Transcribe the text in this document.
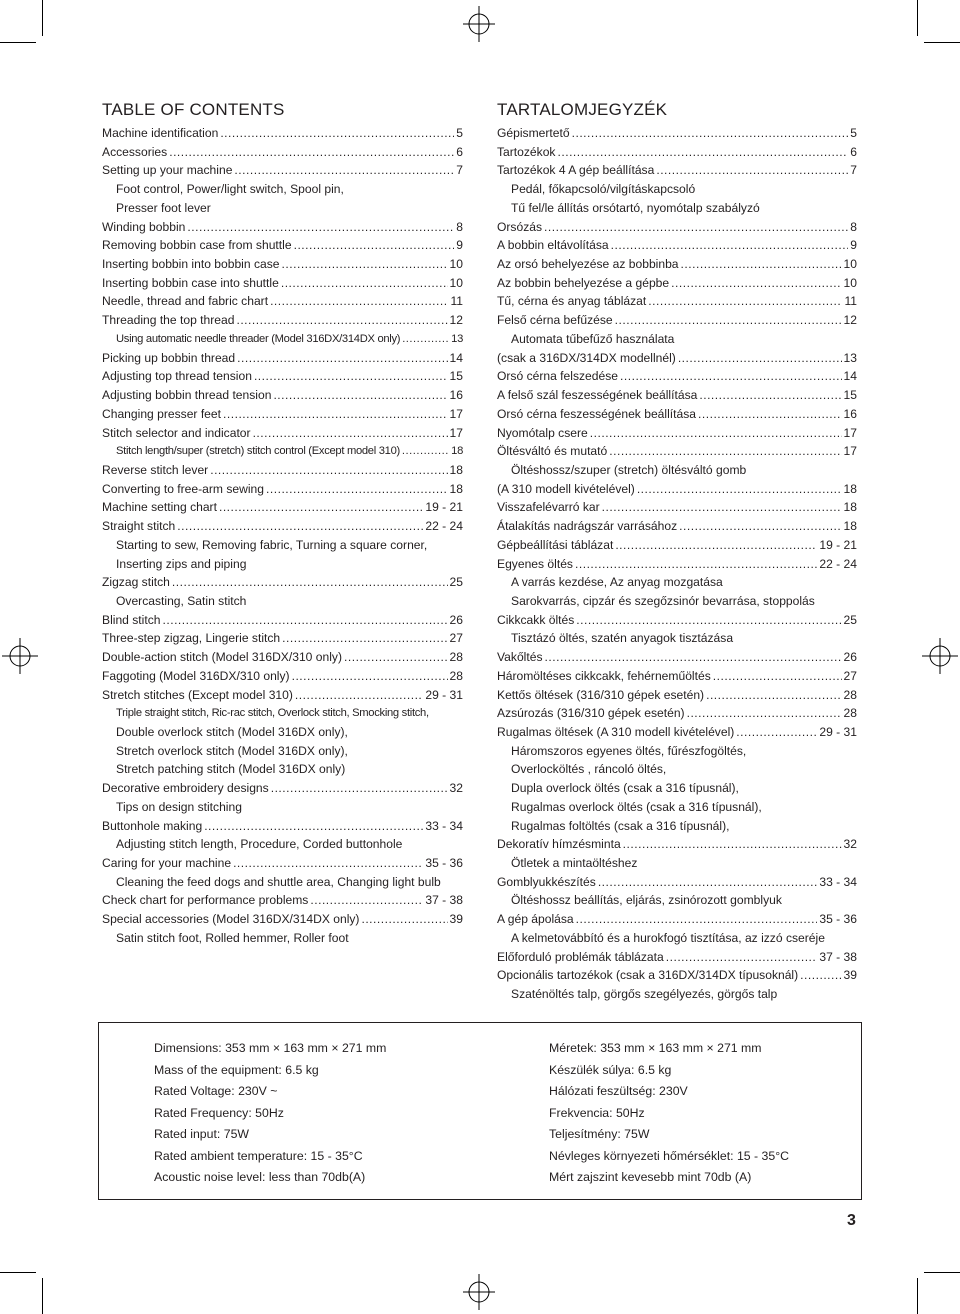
TABLE OF CONTENTS
Machine identification .....	5
Accessories .....	6
Setting up your machine .....	7
Foot control, Power/light switch, Spool pin,
Presser foot lever
Winding bobbin .....	8
Removing bobbin case from shuttle .....	9
Inserting bobbin into bobbin case .....	10
Inserting bobbin case into shuttle .....	10
Needle, thread and fabric chart .....	11
Threading the top thread .....	12
Using automatic needle threader (Model 316DX/314DX only) .....	13
Picking up bobbin thread .....	14
Adjusting top thread tension .....	15
Adjusting bobbin thread tension .....	16
Changing presser feet .....	17
Stitch selector and indicator .....	17
Stitch length/super (stretch) stitch control (Except model 310) .....	18
Reverse stitch lever .....	18
Converting to free-arm sewing .....	18
Machine setting chart .....	19 - 21
Straight stitch .....	22 - 24
Starting to sew, Removing fabric, Turning a square corner,
Inserting zips and piping
Zigzag stitch .....	25
Overcasting, Satin stitch
Blind stitch .....	26
Three-step zigzag, Lingerie stitch .....	27
Double-action stitch (Model 316DX/310 only) .....	28
Faggoting (Model 316DX/310 only) .....	28
Stretch stitches (Except model 310) .....	29 - 31
Triple straight stitch, Ric-rac stitch, Overlock stitch, Smocking stitch,
Double overlock stitch (Model 316DX only),
Stretch overlock stitch (Model 316DX only),
Stretch patching stitch (Model 316DX only)
Decorative embroidery designs .....	32
Tips on design stitching
Buttonhole making .....	33 - 34
Adjusting stitch length, Procedure, Corded buttonhole
Caring for your machine .....	35 - 36
Cleaning the feed dogs and shuttle area, Changing light bulb
Check chart for performance problems .....	37 - 38
Special accessories (Model 316DX/314DX only) .....	39
Satin stitch foot, Rolled hemmer, Roller foot
TARTALOMJEGYZÉK
Gépismertető .....	5
Tartozékok .....	6
Tartozékok 4 A gép beállítása .....	7
Pedál, főkapcsoló/vilgításkapcsoló
Tű fel/le állítás orsótartó, nyomótalp szabályzó
Orsózás .....	8
A bobbin eltávolítása .....	9
Az orsó behelyezése az bobbinba .....	10
Az bobbin behelyezése a gépbe .....	10
Tű, cérna és anyag táblázat .....	11
Felső cérna befűzése .....	12
Automata tűbefűző használata
(csak a 316DX/314DX modellnél) .....	13
Orsó cérna felszedése .....	14
A felső szál feszességének beállítása .....	15
Orsó cérna feszességének beállítása .....	16
Nyomótalp csere .....	17
Öltésváltó és mutató .....	17
Öltéshossz/szuper (stretch) öltésváltó gomb
(A 310 modell kivételével) .....	18
Visszafelévarró kar .....	18
Átalakítás nadrágszár varrásához .....	18
Gépbeállítási táblázat .....	19 - 21
Egyenes öltés .....	22 - 24
A varrás kezdése, Az anyag mozgatása
Sarokvarrás, cipzár és szegőzsinór bevarrása, stoppolás
Cikkcakk öltés .....	25
Tisztázó öltés, szatén anyagok tisztázása
Vakőltés .....	26
Háromöltéses cikkcakk, fehérneműöltés .....	27
Kettős öltések (316/310 gépek esetén) .....	28
Azsúrozás (316/310 gépek esetén) .....	28
Rugalmas öltések (A 310 modell kivételével) .....	29 - 31
Háromszoros egyenes öltés, fűrészfogöltés,
Overlocköltés , ráncoló öltés,
Dupla overlock öltés (csak a 316 típusnál),
Rugalmas overlock öltés (csak a 316 típusnál),
Rugalmas foltöltés (csak a 316 típusnál),
Dekoratív hímzésminta .....	32
Ötletek a mintaöltéshez
Gomblyukkészítés .....	33 - 34
Öltéshossz beállítás, eljárás, zsinórozott gomblyuk
A gép ápolása .....	35 - 36
A kelmetovábbító és a hurokfogó tisztítása, az izzó cseréje
Előforduló problémák táblázata .....	37 - 38
Opcionális tartozékok (csak a 316DX/314DX típusoknál) .....	39
Szaténöltés talp, görgős szegélyezés, görgős talp
Dimensions: 353 mm × 163 mm × 271 mm
Mass of the equipment: 6.5 kg
Rated Voltage: 230V ~
Rated Frequency: 50Hz
Rated input: 75W
Rated ambient temperature: 15 - 35°C
Acoustic noise level: less than 70db(A)
Méretek: 353 mm × 163 mm × 271 mm
Készülék súlya: 6.5 kg
Hálózati feszültség: 230V
Frekvencia: 50Hz
Teljesítmény: 75W
Névleges környezeti hőmérséklet: 15 - 35°C
Mért zajszint kevesebb mint 70db (A)
3
